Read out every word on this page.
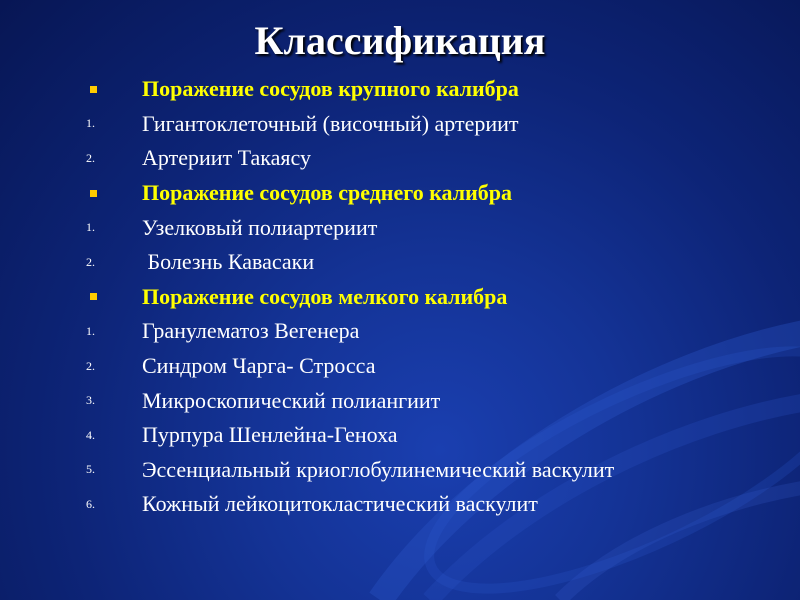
Классификация
Поражение сосудов крупного калибра
1. Гигантоклеточный (височный) артериит
2. Артериит Такаясу
Поражение сосудов среднего калибра
1. Узелковый полиартериит
2. Болезнь Кавасаки
Поражение сосудов мелкого калибра
1. Гранулематоз Вегенера
2. Синдром Чарга- Стросса
3. Микроскопический полиангиит
4. Пурпура Шенлейна-Геноха
5. Эссенциальный криоглобулинемический васкулит
6. Кожный лейкоцитокластический васкулит
